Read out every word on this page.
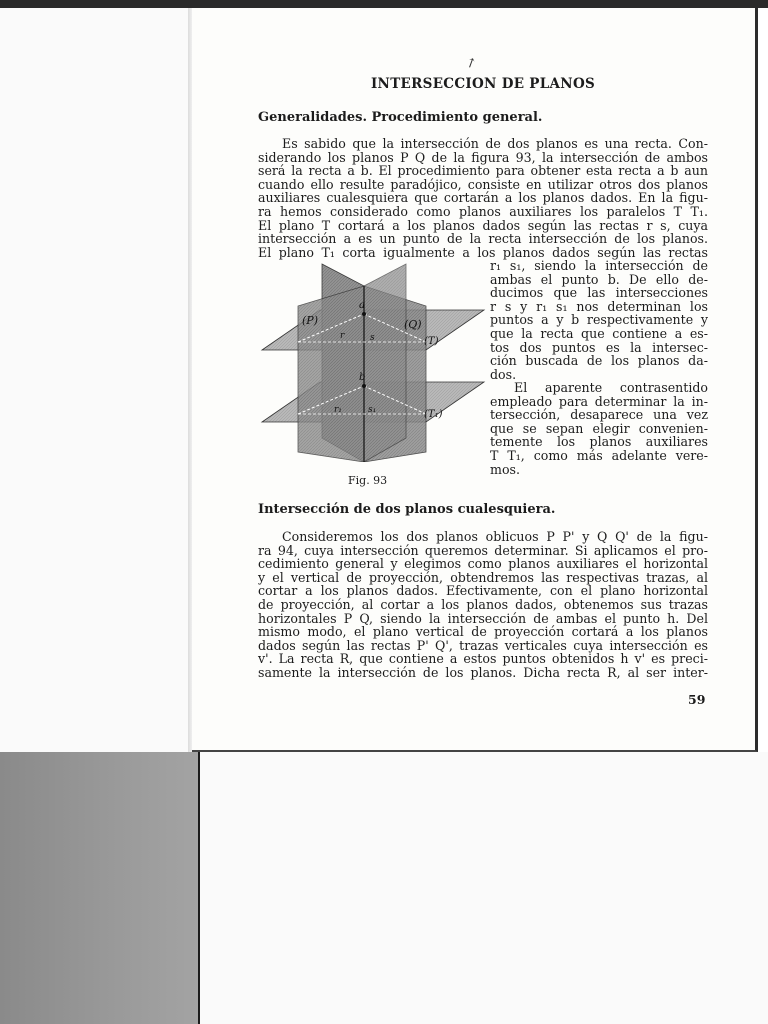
↗
INTERSECCION DE PLANOS
Generalidades. Procedimiento general.
Es sabido que la intersección de dos planos es una recta. Con-
siderando los planos P Q de la figura 93, la intersección de ambos
será la recta a b. El procedimiento para obtener esta recta a b aun
cuando ello resulte paradójico, consiste en utilizar otros dos planos
auxiliares cualesquiera que cortarán a los planos dados. En la figu-
ra hemos considerado como planos auxiliares los paralelos T T₁.
El plano T cortará a los planos dados según las rectas r s, cuya
intersección a es un punto de la recta intersección de los planos.
El plano T₁ corta igualmente a los planos dados según las rectas
r₁ s₁, siendo la intersección de
ambas el punto b. De ello de-
ducimos que las intersecciones
r s y r₁ s₁ nos determinan los
puntos a y b respectivamente y
que la recta que contiene a es-
tos dos puntos es la intersec-
ción buscada de los planos da-
dos.
El aparente contrasentido
empleado para determinar la in-
tersección, desaparece una vez
que se sepan elegir convenien-
temente los planos auxiliares
T T₁, como más adelante vere-
mos.
(P)	(Q)
(T)
(T₁)
a
b
r	s
r₁	s₁

Fig. 93

Intersección de dos planos cualesquiera.
Consideremos los dos planos oblicuos P P' y Q Q' de la figu-
ra 94, cuya intersección queremos determinar. Si aplicamos el pro-
cedimiento general y elegimos como planos auxiliares el horizontal
y el vertical de proyección, obtendremos las respectivas trazas, al
cortar a los planos dados. Efectivamente, con el plano horizontal
de proyección, al cortar a los planos dados, obtenemos sus trazas
horizontales P Q, siendo la intersección de ambas el punto h. Del
mismo modo, el plano vertical de proyección cortará a los planos
dados según las rectas P' Q', trazas verticales cuya intersección es
v'. La recta R, que contiene a estos puntos obtenidos h v' es preci-
samente la intersección de los planos. Dicha recta R, al ser inter-

59
